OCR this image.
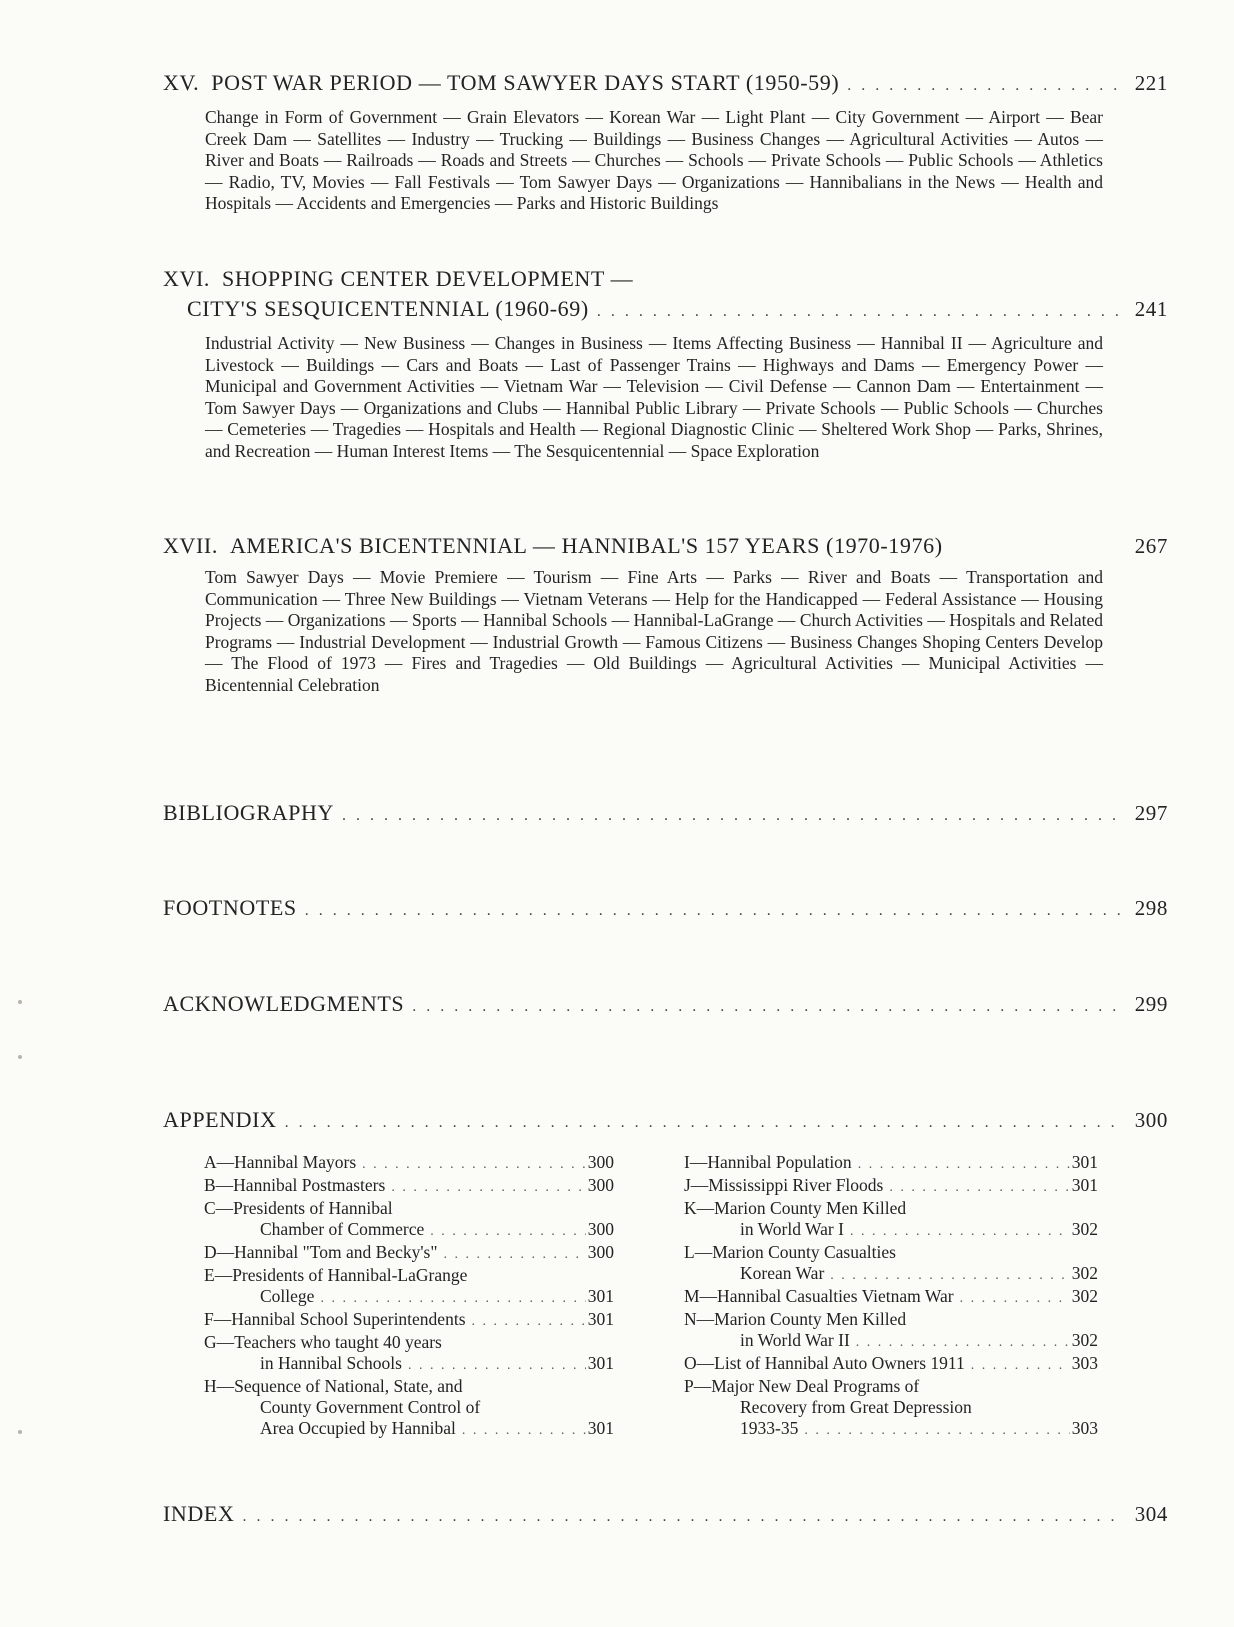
XV. POST WAR PERIOD — TOM SAWYER DAYS START (1950-59) . . .	221
Change in Form of Government — Grain Elevators — Korean War — Light Plant — City Government — Airport — Bear Creek Dam — Satellites — Industry — Trucking — Buildings — Business Changes — Agricultural Activities — Autos — River and Boats — Railroads — Roads and Streets — Churches — Schools — Private Schools — Public Schools — Athletics — Radio, TV, Movies — Fall Festivals — Tom Sawyer Days — Organizations — Hannibalians in the News — Health and Hospitals — Accidents and Emergencies — Parks and Historic Buildings
XVI. SHOPPING CENTER DEVELOPMENT —
CITY'S SESQUICENTENNIAL (1960-69) . . .	241
Industrial Activity — New Business — Changes in Business — Items Affecting Business — Hannibal II — Agriculture and Livestock — Buildings — Cars and Boats — Last of Passenger Trains — Highways and Dams — Emergency Power — Municipal and Government Activities — Vietnam War — Television — Civil Defense — Cannon Dam — Entertainment — Tom Sawyer Days — Organizations and Clubs — Hannibal Public Library — Private Schools — Public Schools — Churches — Cemeteries — Tragedies — Hospitals and Health — Regional Diagnostic Clinic — Sheltered Work Shop — Parks, Shrines, and Recreation — Human Interest Items — The Sesquicentennial — Space Exploration
XVII. AMERICA'S BICENTENNIAL — HANNIBAL'S 157 YEARS (1970-1976)	267
Tom Sawyer Days — Movie Premiere — Tourism — Fine Arts — Parks — River and Boats — Transportation and Communication — Three New Buildings — Vietnam Veterans — Help for the Handicapped — Federal Assistance — Housing Projects — Organizations — Sports — Hannibal Schools — Hannibal-LaGrange — Church Activities — Hospitals and Related Programs — Industrial Development — Industrial Growth — Famous Citizens — Business Changes Shoping Centers Develop — The Flood of 1973 — Fires and Tragedies — Old Buildings — Agricultural Activities — Municipal Activities — Bicentennial Celebration
BIBLIOGRAPHY . . .	297
FOOTNOTES . . .	298
ACKNOWLEDGMENTS . . .	299
APPENDIX . . .	300
A—Hannibal Mayors . . .	300
B—Hannibal Postmasters . . .	300
C—Presidents of Hannibal
Chamber of Commerce . . .	300
D—Hannibal "Tom and Becky's" . . .	300
E—Presidents of Hannibal-LaGrange
College . . .	301
F—Hannibal School Superintendents . . .	301
G—Teachers who taught 40 years
in Hannibal Schools . . .	301
H—Sequence of National, State, and
County Government Control of
Area Occupied by Hannibal . . .	301
I—Hannibal Population . . .	301
J—Mississippi River Floods . . .	301
K—Marion County Men Killed
in World War I . . .	302
L—Marion County Casualties
Korean War . . .	302
M—Hannibal Casualties Vietnam War . . .	302
N—Marion County Men Killed
in World War II . . .	302
O—List of Hannibal Auto Owners 1911 . . .	303
P—Major New Deal Programs of
Recovery from Great Depression
1933-35 . . .	303
INDEX . . .	304
